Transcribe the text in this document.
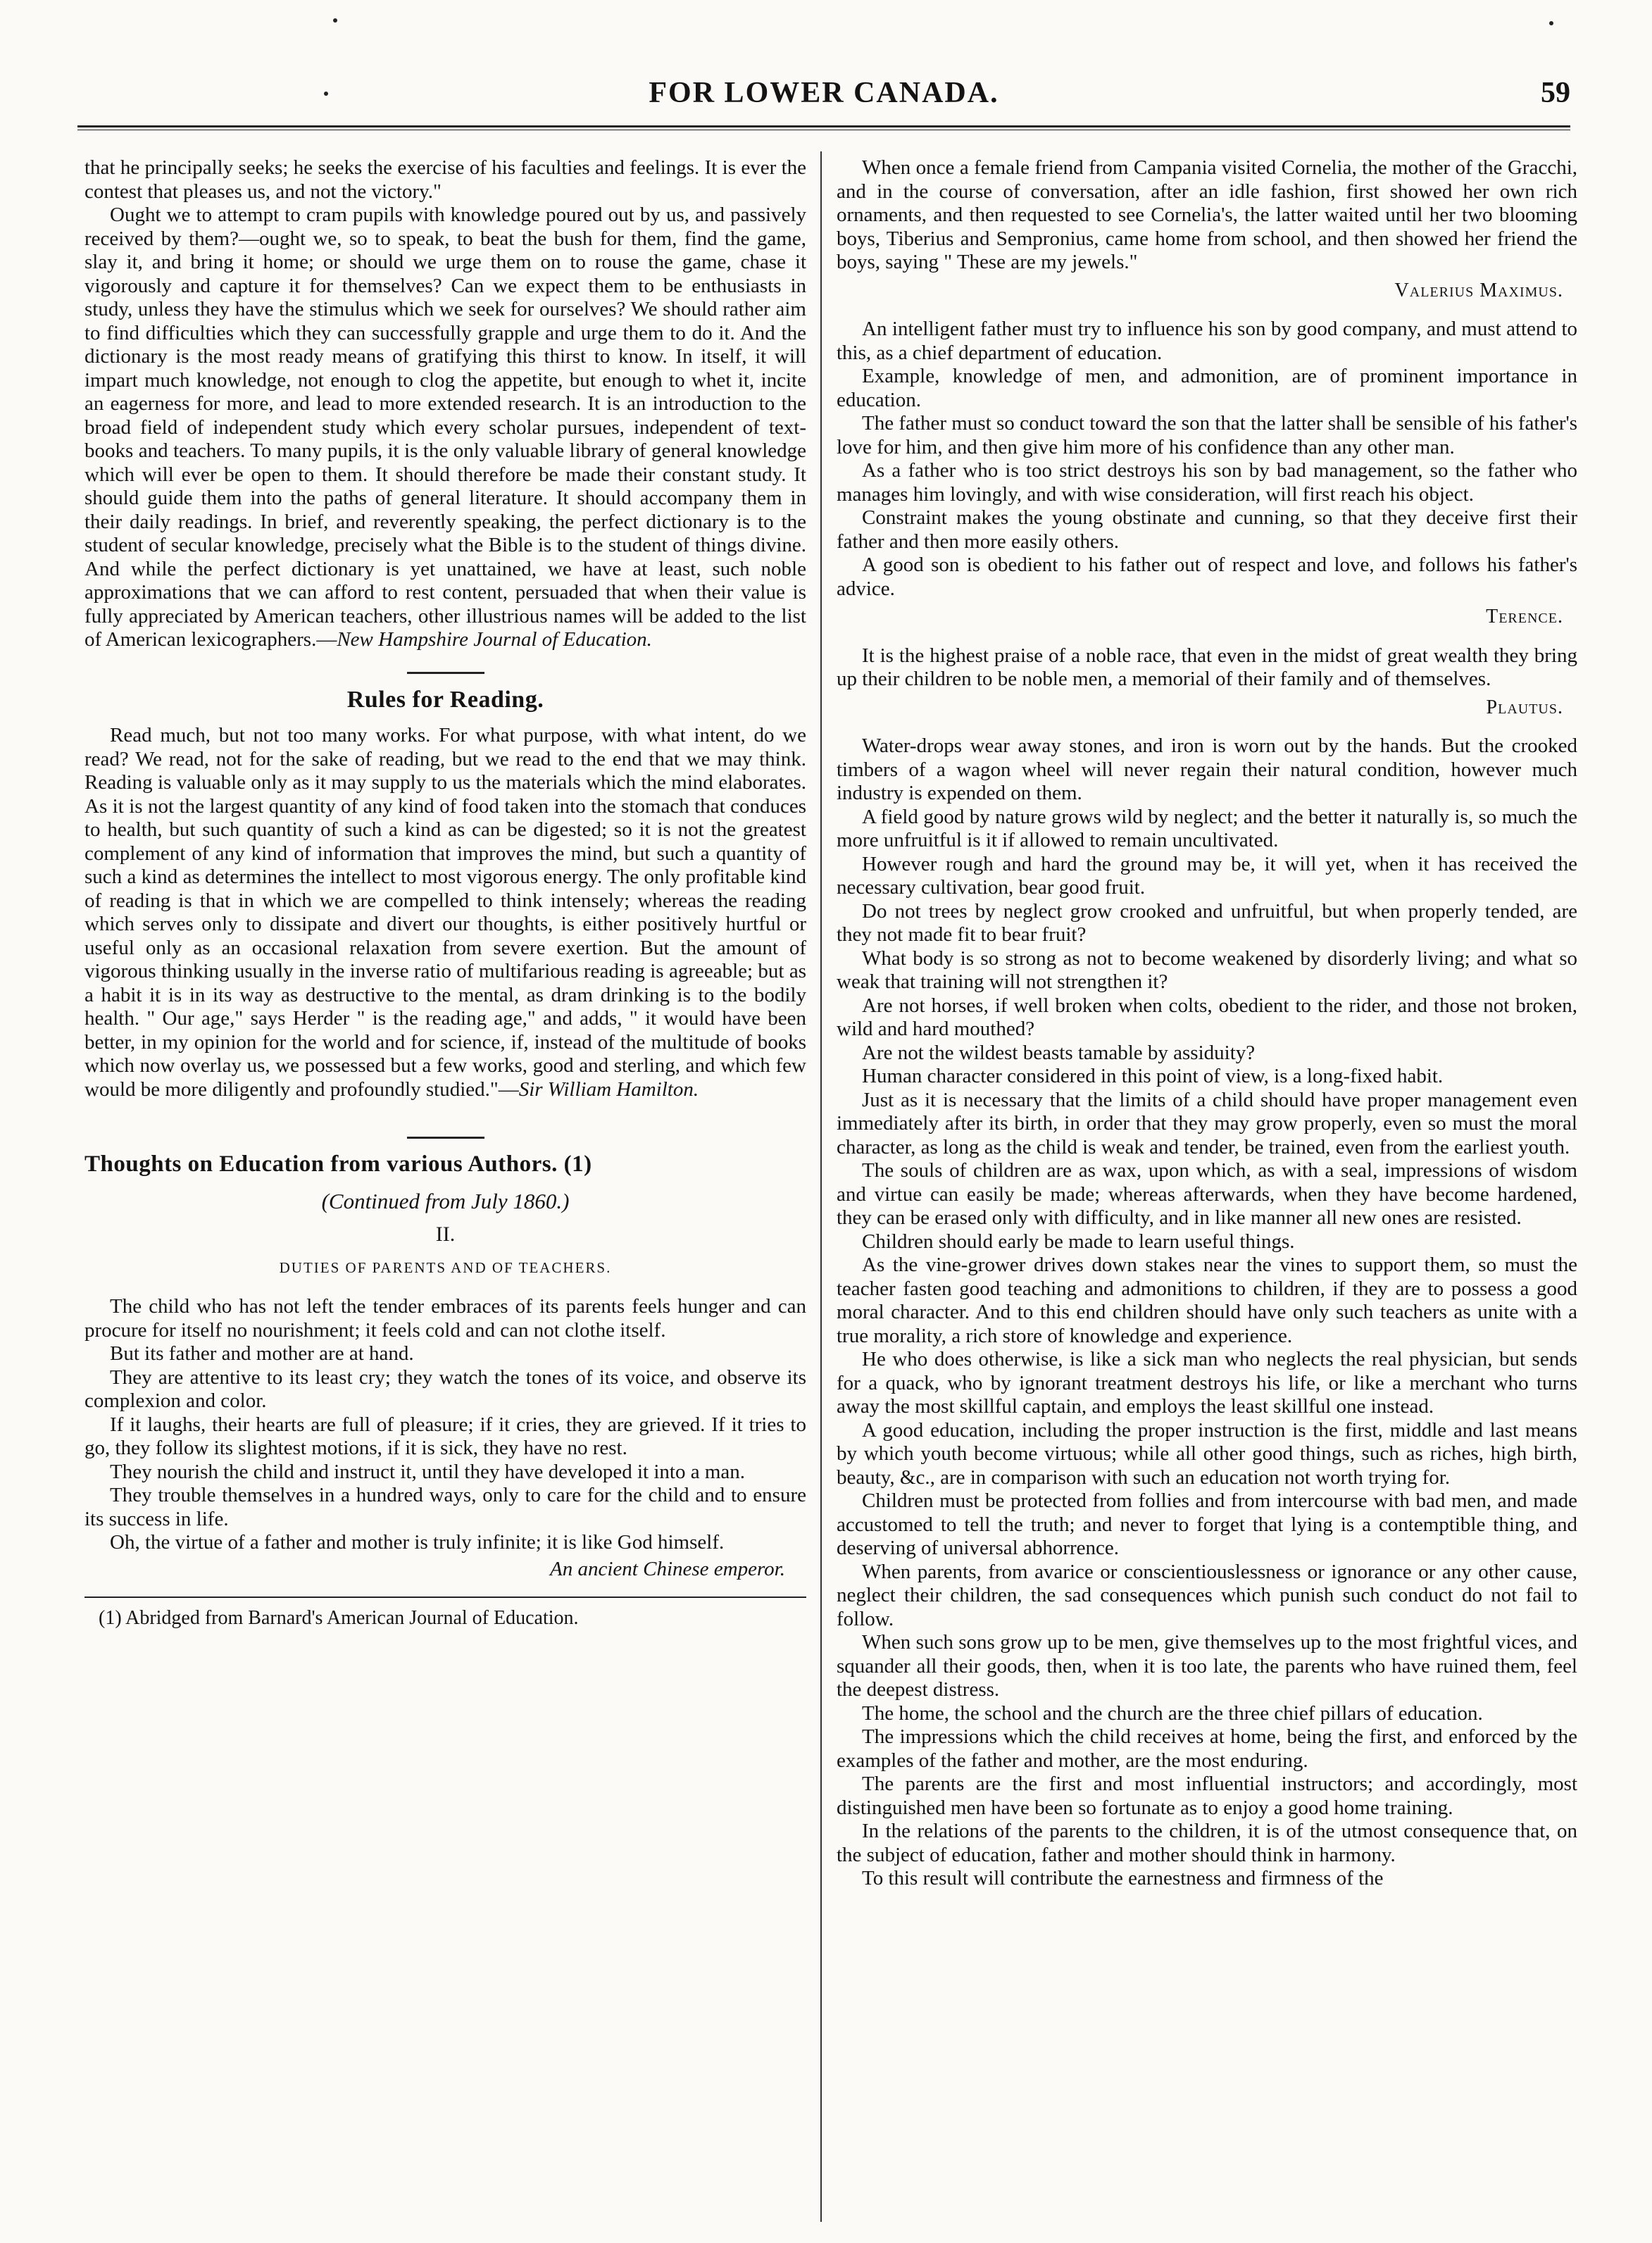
FOR LOWER CANADA.	59

that he principally seeks; he seeks the exercise of his faculties and feelings. It is ever the contest that pleases us, and not the victory."

Ought we to attempt to cram pupils with knowledge poured out by us, and passively received by them?—ought we, so to speak, to beat the bush for them, find the game, slay it, and bring it home; or should we urge them on to rouse the game, chase it vigorously and capture it for themselves? Can we expect them to be enthusiasts in study, unless they have the stimulus which we seek for ourselves? We should rather aim to find difficulties which they can successfully grapple and urge them to do it. And the dictionary is the most ready means of gratifying this thirst to know. In itself, it will impart much knowledge, not enough to clog the appetite, but enough to whet it, incite an eagerness for more, and lead to more extended research. It is an introduction to the broad field of independent study which every scholar pursues, independent of text-books and teachers. To many pupils, it is the only valuable library of general knowledge which will ever be open to them. It should therefore be made their constant study. It should guide them into the paths of general literature. It should accompany them in their daily readings. In brief, and reverently speaking, the perfect dictionary is to the student of secular knowledge, precisely what the Bible is to the student of things divine. And while the perfect dictionary is yet unattained, we have at least, such noble approximations that we can afford to rest content, persuaded that when their value is fully appreciated by American teachers, other illustrious names will be added to the list of American lexicographers.—New Hampshire Journal of Education.

Rules for Reading.

Read much, but not too many works. For what purpose, with what intent, do we read? We read, not for the sake of reading, but we read to the end that we may think. Reading is valuable only as it may supply to us the materials which the mind elaborates. As it is not the largest quantity of any kind of food taken into the stomach that conduces to health, but such quantity of such a kind as can be digested; so it is not the greatest complement of any kind of information that improves the mind, but such a quantity of such a kind as determines the intellect to most vigorous energy. The only profitable kind of reading is that in which we are compelled to think intensely; whereas the reading which serves only to dissipate and divert our thoughts, is either positively hurtful or useful only as an occasional relaxation from severe exertion. But the amount of vigorous thinking usually in the inverse ratio of multifarious reading is agreeable; but as a habit it is in its way as destructive to the mental, as dram drinking is to the bodily health. " Our age," says Herder " is the reading age," and adds, " it would have been better, in my opinion for the world and for science, if, instead of the multitude of books which now overlay us, we possessed but a few works, good and sterling, and which few would be more diligently and profoundly studied."—Sir William Hamilton.

Thoughts on Education from various Authors. (1)
(Continued from July 1860.)
II.
DUTIES OF PARENTS AND OF TEACHERS.

The child who has not left the tender embraces of its parents feels hunger and can procure for itself no nourishment; it feels cold and can not clothe itself.

But its father and mother are at hand.

They are attentive to its least cry; they watch the tones of its voice, and observe its complexion and color.

If it laughs, their hearts are full of pleasure; if it cries, they are grieved. If it tries to go, they follow its slightest motions, if it is sick, they have no rest.

They nourish the child and instruct it, until they have developed it into a man.

They trouble themselves in a hundred ways, only to care for the child and to ensure its success in life.

Oh, the virtue of a father and mother is truly infinite; it is like God himself.

An ancient Chinese emperor.

(1) Abridged from Barnard's American Journal of Education.

When once a female friend from Campania visited Cornelia, the mother of the Gracchi, and in the course of conversation, after an idle fashion, first showed her own rich ornaments, and then requested to see Cornelia's, the latter waited until her two blooming boys, Tiberius and Sempronius, came home from school, and then showed her friend the boys, saying " These are my jewels."

Valerius Maximus.

An intelligent father must try to influence his son by good company, and must attend to this, as a chief department of education.

Example, knowledge of men, and admonition, are of prominent importance in education.

The father must so conduct toward the son that the latter shall be sensible of his father's love for him, and then give him more of his confidence than any other man.

As a father who is too strict destroys his son by bad management, so the father who manages him lovingly, and with wise consideration, will first reach his object.

Constraint makes the young obstinate and cunning, so that they deceive first their father and then more easily others.

A good son is obedient to his father out of respect and love, and follows his father's advice.

Terence.

It is the highest praise of a noble race, that even in the midst of great wealth they bring up their children to be noble men, a memorial of their family and of themselves.

Plautus.

Water-drops wear away stones, and iron is worn out by the hands. But the crooked timbers of a wagon wheel will never regain their natural condition, however much industry is expended on them.

A field good by nature grows wild by neglect; and the better it naturally is, so much the more unfruitful is it if allowed to remain uncultivated.

However rough and hard the ground may be, it will yet, when it has received the necessary cultivation, bear good fruit.

Do not trees by neglect grow crooked and unfruitful, but when properly tended, are they not made fit to bear fruit?

What body is so strong as not to become weakened by disorderly living; and what so weak that training will not strengthen it?

Are not horses, if well broken when colts, obedient to the rider, and those not broken, wild and hard mouthed?

Are not the wildest beasts tamable by assiduity?

Human character considered in this point of view, is a long-fixed habit.

Just as it is necessary that the limits of a child should have proper management even immediately after its birth, in order that they may grow properly, even so must the moral character, as long as the child is weak and tender, be trained, even from the earliest youth.

The souls of children are as wax, upon which, as with a seal, impressions of wisdom and virtue can easily be made; whereas afterwards, when they have become hardened, they can be erased only with difficulty, and in like manner all new ones are resisted.

Children should early be made to learn useful things.

As the vine-grower drives down stakes near the vines to support them, so must the teacher fasten good teaching and admonitions to children, if they are to possess a good moral character. And to this end children should have only such teachers as unite with a true morality, a rich store of knowledge and experience.

He who does otherwise, is like a sick man who neglects the real physician, but sends for a quack, who by ignorant treatment destroys his life, or like a merchant who turns away the most skillful captain, and employs the least skillful one instead.

A good education, including the proper instruction is the first, middle and last means by which youth become virtuous; while all other good things, such as riches, high birth, beauty, &c., are in comparison with such an education not worth trying for.

Children must be protected from follies and from intercourse with bad men, and made accustomed to tell the truth; and never to forget that lying is a contemptible thing, and deserving of universal abhorrence.

When parents, from avarice or conscientiouslessness or ignorance or any other cause, neglect their children, the sad consequences which punish such conduct do not fail to follow.

When such sons grow up to be men, give themselves up to the most frightful vices, and squander all their goods, then, when it is too late, the parents who have ruined them, feel the deepest distress.

The home, the school and the church are the three chief pillars of education.

The impressions which the child receives at home, being the first, and enforced by the examples of the father and mother, are the most enduring.

The parents are the first and most influential instructors; and accordingly, most distinguished men have been so fortunate as to enjoy a good home training.

In the relations of the parents to the children, it is of the utmost consequence that, on the subject of education, father and mother should think in harmony.

To this result will contribute the earnestness and firmness of the
